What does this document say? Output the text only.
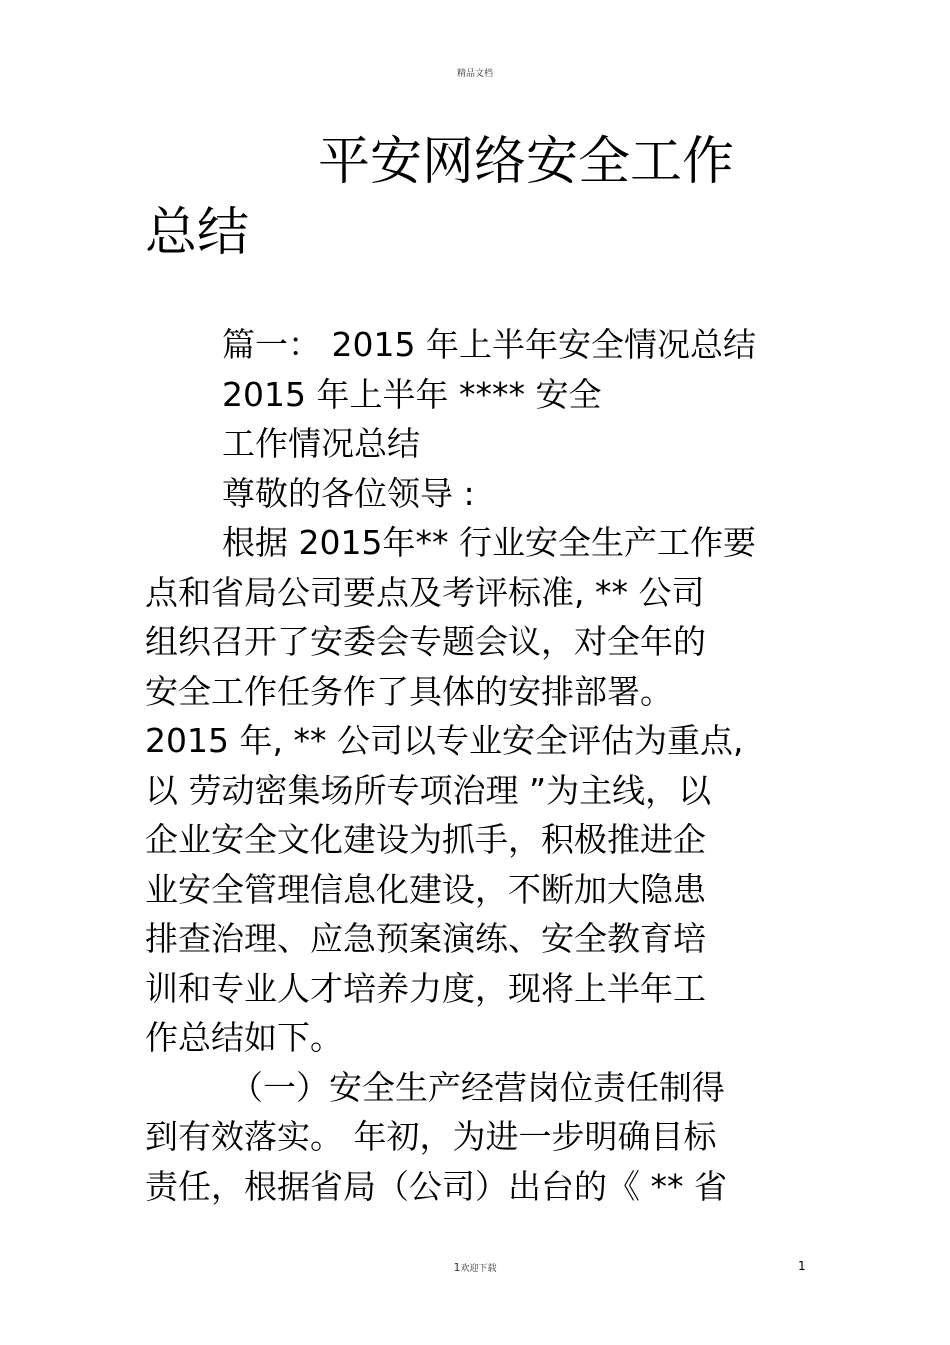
精品文档
平安网络安全工作
总结
篇一： 2015 年上半年安全情况总结
2015 年上半年 **** 安全
工作情况总结
尊敬的各位领导 :
根据 2015年** 行业安全生产工作要
点和省局公司要点及考评标准, ** 公司
组织召开了安委会专题会议，对全年的
安全工作任务作了具体的安排部署。
2015 年, ** 公司以专业安全评估为重点,
以 劳动密集场所专项治理 ”为主线，以
企业安全文化建设为抓手，积极推进企
业安全管理信息化建设，不断加大隐患
排查治理、应急预案演练、安全教育培
训和专业人才培养力度，现将上半年工
作总结如下。
（一）安全生产经营岗位责任制得
到有效落实。 年初，为进一步明确目标
责任，根据省局（公司）出台的《 ** 省
1欢迎下载	1
